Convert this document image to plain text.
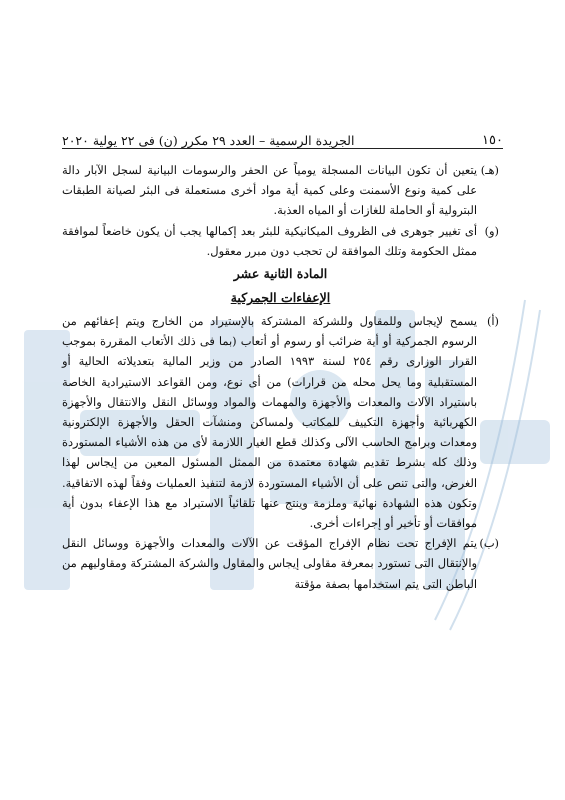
١٥٠
الجريدة الرسمية – العدد ٢٩ مكرر (ن) فى ٢٢ يولية ٢٠٢٠

(هـ)
يتعين أن تكون البيانات المسجلة يومياً عن الحفر والرسومات البيانية لسجل الآبار دالة على كمية ونوع الأسمنت وعلى كمية أية مواد أخرى مستعملة فى البئر لصيانة الطبقات البترولية أو الحاملة للغازات أو المياه العذبة.

(و)
أى تغيير جوهرى فى الظروف الميكانيكية للبئر بعد إكمالها يجب أن يكون خاضعاً لموافقة ممثل الحكومة وتلك الموافقة لن تحجب دون مبرر معقول.

المادة الثانية عشر
الإعفاءات الجمركية

(أ)
يسمح لإيجاس وللمقاول وللشركة المشتركة بالإستيراد من الخارج ويتم إعفائهم من الرسوم الجمركية أو أية ضرائب أو رسوم أو أتعاب (بما فى ذلك الأتعاب المقررة بموجب القرار الوزارى رقم ٢٥٤ لسنة ١٩٩٣ الصادر من وزير المالية بتعديلاته الحالية أو المستقبلية وما يحل محله من قرارات) من أى نوع، ومن القواعد الاستيرادية الخاصة باستيراد الآلات والمعدات والأجهزة والمهمات والمواد ووسائل النقل والانتقال والأجهزة الكهربائية وأجهزة التكييف للمكاتب ولمساكن ومنشآت الحقل والأجهزة الإلكترونية ومعدات وبرامج الحاسب الآلى وكذلك قطع الغيار اللازمة لأى من هذه الأشياء المستوردة وذلك كله بشرط تقديم شهادة معتمدة من الممثل المسئول المعين من إيجاس لهذا الغرض، والتى تنص على أن الأشياء المستوردة لازمة لتنفيذ العمليات وفقاً لهذه الاتفاقية. وتكون هذه الشهادة نهائية وملزمة وينتج عنها تلقائياً الاستيراد مع هذا الإعفاء بدون أية موافقات أو تأخير أو إجراءات أخرى.

(ب)
يتم الإفراج تحت نظام الإفراج المؤقت عن الآلات والمعدات والأجهزة ووسائل النقل والإنتقال التى تستورد بمعرفة مقاولى إيجاس والمقاول والشركة المشتركة ومقاوليهم من الباطن التى يتم استخدامها بصفة مؤقتة
